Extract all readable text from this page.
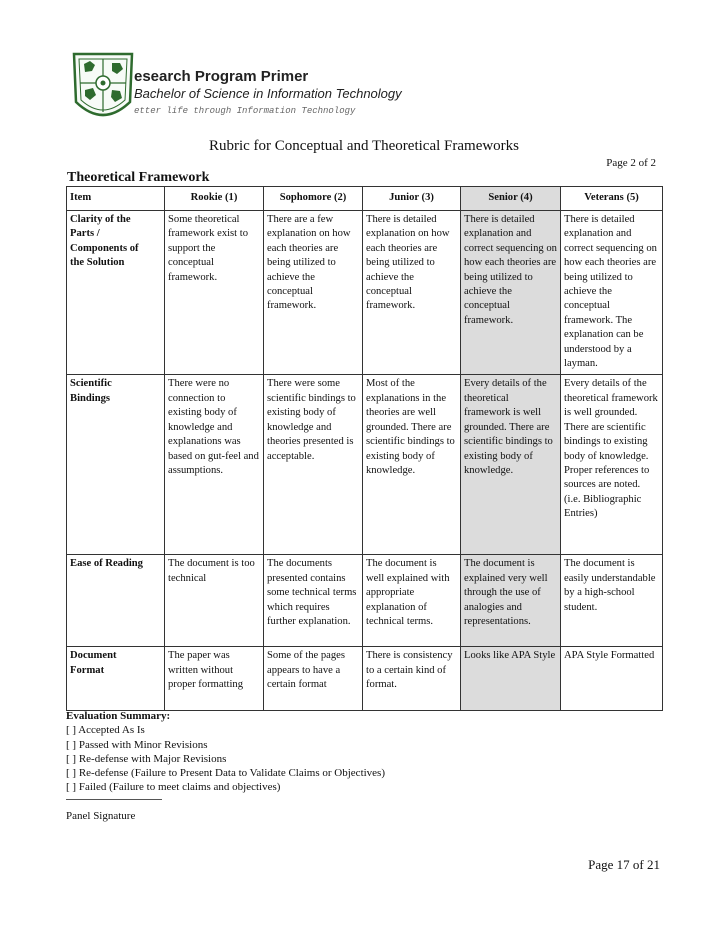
esearch Program Primer
Bachelor of Science in Information Technology
etter life through Information Technology
Rubric for Conceptual and Theoretical Frameworks
Page 2 of 2
Theoretical Framework
Item	Rookie (1)	Sophomore (2)	Junior (3)	Senior (4)	Veterans (5)
Clarity of the
Parts /
Components of
the Solution	Some theoretical framework exist to support the conceptual framework.	There are a few explanation on how each theories are being utilized to achieve the conceptual framework.	There is detailed explanation on how each theories are being utilized to achieve the conceptual framework.	There is detailed explanation and correct sequencing on how each theories are being utilized to achieve the conceptual framework.	There is detailed explanation and correct sequencing on how each theories are being utilized to achieve the conceptual framework. The explanation can be understood by a layman.
Scientific
Bindings	There were no connection to existing body of knowledge and explanations was based on gut-feel and assumptions.	There were some scientific bindings to existing body of knowledge and theories presented is acceptable.	Most of the explanations in the theories are well grounded. There are scientific bindings to existing body of knowledge.	Every details of the theoretical framework is well grounded. There are scientific bindings to existing body of knowledge.	Every details of the theoretical framework is well grounded. There are scientific bindings to existing body of knowledge. Proper references to sources are noted. (i.e. Bibliographic Entries)
Ease of Reading	The document is too technical	The documents presented contains some technical terms which requires further explanation.	The document is well explained with appropriate explanation of technical terms.	The document is explained very well through the use of analogies and representations.	The document is easily understandable by a high-school student.
Document
Format	The paper was written without proper formatting	Some of the pages appears to have a certain format	There is consistency to a certain kind of format.	Looks like APA Style	APA Style Formatted
Evaluation Summary:
[ ] Accepted As Is
[ ] Passed with Minor Revisions
[ ] Re-defense with Major Revisions
[ ] Re-defense (Failure to Present Data to Validate Claims or Objectives)
[ ] Failed (Failure to meet claims and objectives)
Panel Signature
Page 17 of 21
